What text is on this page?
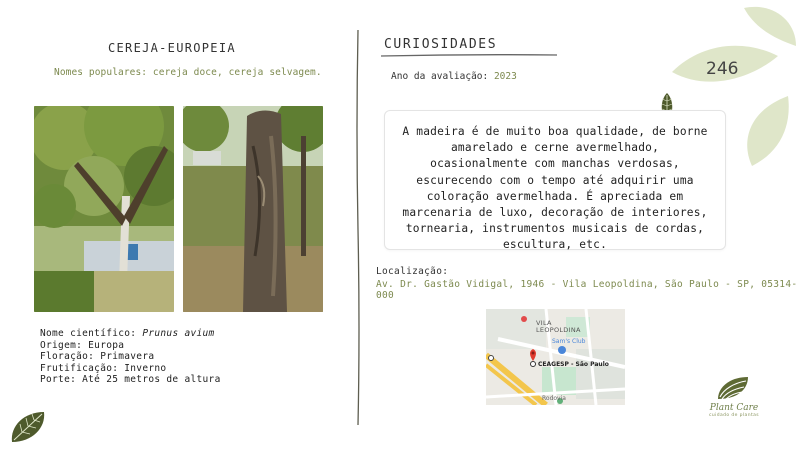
CEREJA-EUROPEIA
Nomes populares: cereja doce, cereja selvagem.
Nome científico: Prunus avium
Origem: Europa
Floração: Primavera
Frutificação: Inverno
Porte: Até 25 metros de altura
CURIOSIDADES
Ano da avaliação: 2023
A madeira é de muito boa qualidade, de borne amarelado e cerne avermelhado, ocasionalmente com manchas verdosas, escurecendo com o tempo até adquirir uma coloração avermelhada. É apreciada em marcenaria de luxo, decoração de interiores, tornearia, instrumentos musicais de cordas, escultura, etc.
Localização:
Av. Dr. Gastão Vidigal, 1946 - Vila Leopoldina, São Paulo - SP, 05314-000
VILA LEOPOLDINA
Sam's Club
CEAGESP - São Paulo
Rodovia
246
Plant Care
cuidado de plantas
